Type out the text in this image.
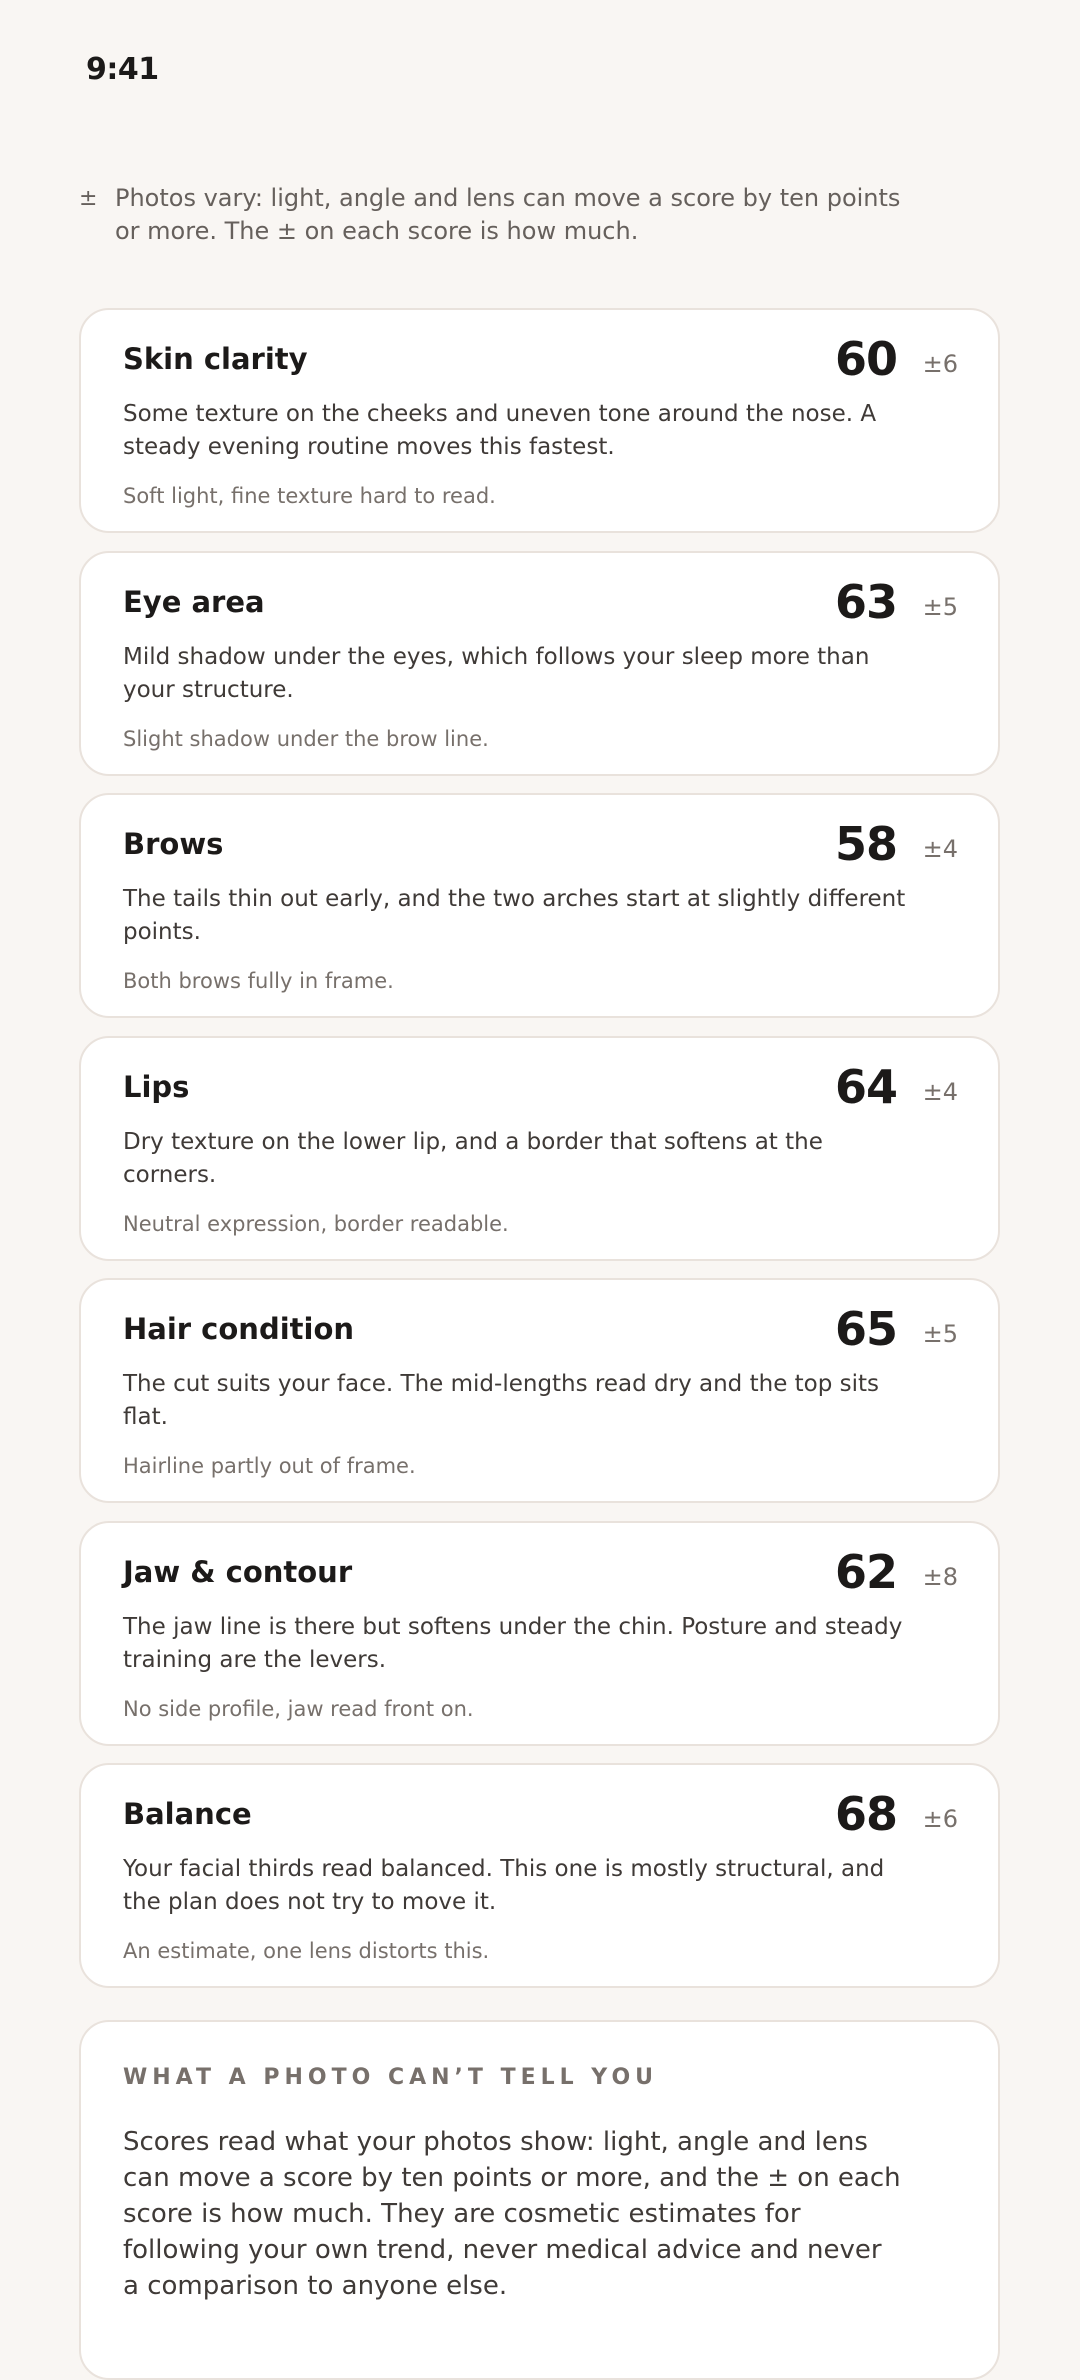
9:41
± Photos vary: light, angle and lens can move a score by ten points or more. The ± on each score is how much.
Skin clarity	60 ±6
Some texture on the cheeks and uneven tone around the nose. A steady evening routine moves this fastest.
Soft light, fine texture hard to read.
Eye area	63 ±5
Mild shadow under the eyes, which follows your sleep more than your structure.
Slight shadow under the brow line.
Brows	58 ±4
The tails thin out early, and the two arches start at slightly different points.
Both brows fully in frame.
Lips	64 ±4
Dry texture on the lower lip, and a border that softens at the corners.
Neutral expression, border readable.
Hair condition	65 ±5
The cut suits your face. The mid-lengths read dry and the top sits flat.
Hairline partly out of frame.
Jaw & contour	62 ±8
The jaw line is there but softens under the chin. Posture and steady training are the levers.
No side profile, jaw read front on.
Balance	68 ±6
Your facial thirds read balanced. This one is mostly structural, and the plan does not try to move it.
An estimate, one lens distorts this.
WHAT A PHOTO CAN’T TELL YOU
Scores read what your photos show: light, angle and lens can move a score by ten points or more, and the ± on each score is how much. They are cosmetic estimates for following your own trend, never medical advice and never a comparison to anyone else.
